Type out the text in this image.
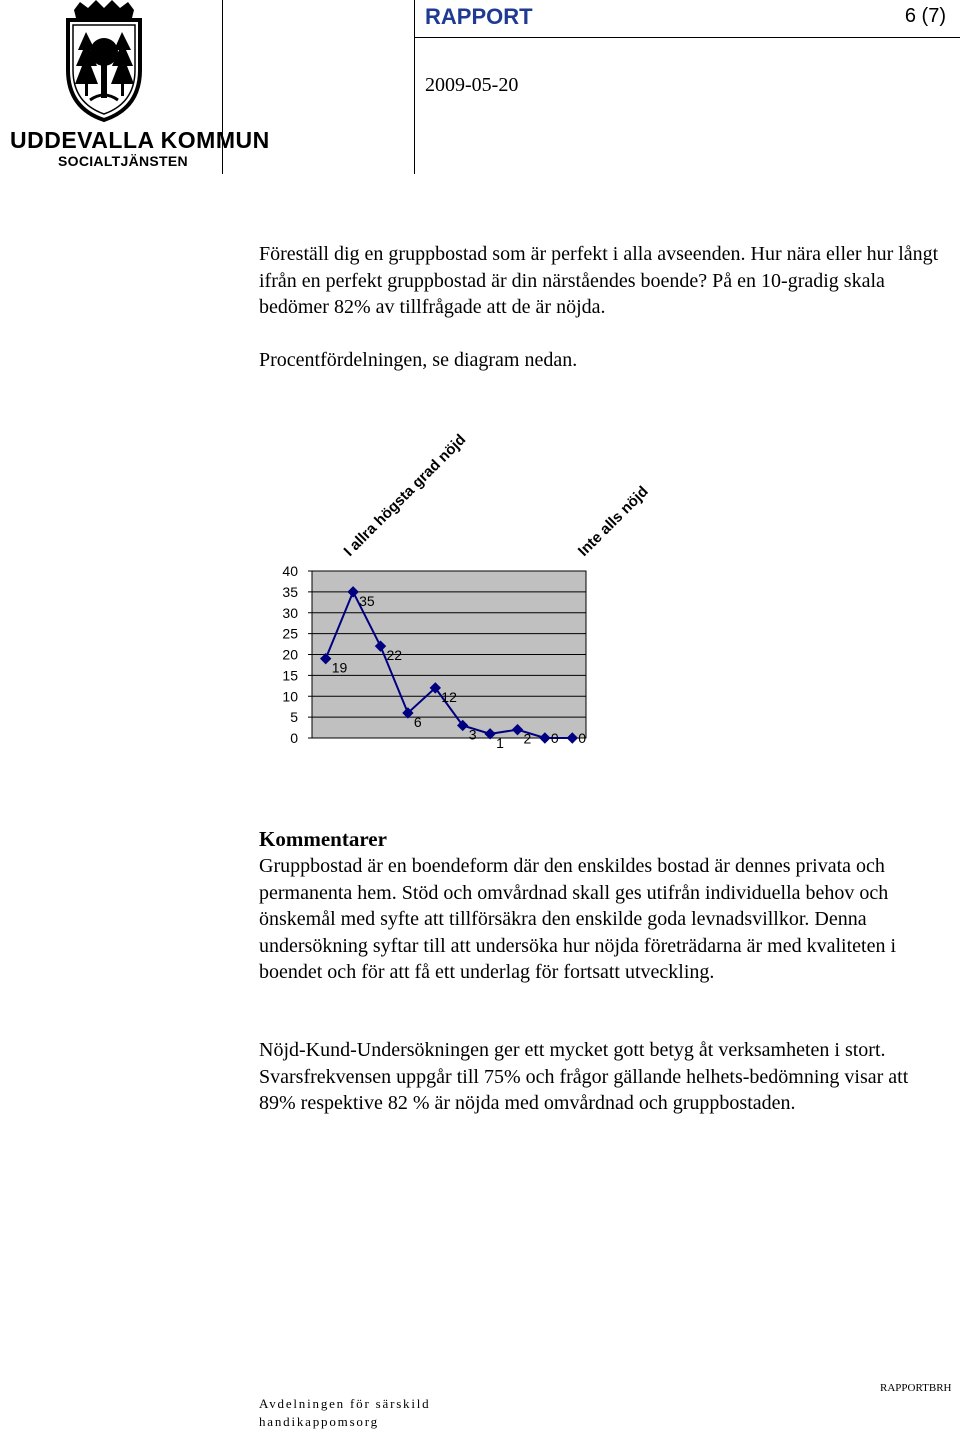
UDDEVALLA KOMMUN
SOCIALTJÄNSTEN
RAPPORT	6 (7)
2009-05-20
Föreställ dig en gruppbostad som är perfekt i alla avseenden. Hur nära eller hur långt ifrån en perfekt gruppbostad är din närståendes boende? På en 10-gradig skala bedömer 82% av tillfrågade att de är nöjda.
Procentfördelningen, se diagram nedan.
0
5
10
15
20
25
30
35
40
19
35
22
6
12
3
1 2 0 0
I allra högsta grad nöjd	Inte alls nöjd
Kommentarer
Gruppbostad är en boendeform där den enskildes bostad är dennes privata och permanenta hem. Stöd och omvårdnad skall ges utifrån individuella behov och önskemål med syfte att tillförsäkra den enskilde goda levnadsvillkor. Denna undersökning syftar till att undersöka hur nöjda företrädarna är med kvaliteten i boendet och för att få ett underlag för fortsatt utveckling.
Nöjd-Kund-Undersökningen ger ett mycket gott betyg åt verksamheten i stort. Svarsfrekvensen uppgår till 75% och frågor gällande helhets-bedömning visar att 89% respektive 82 % är nöjda med omvårdnad och gruppbostaden.
Avdelningen för särskild
handikappomsorg
RAPPORTBRH
